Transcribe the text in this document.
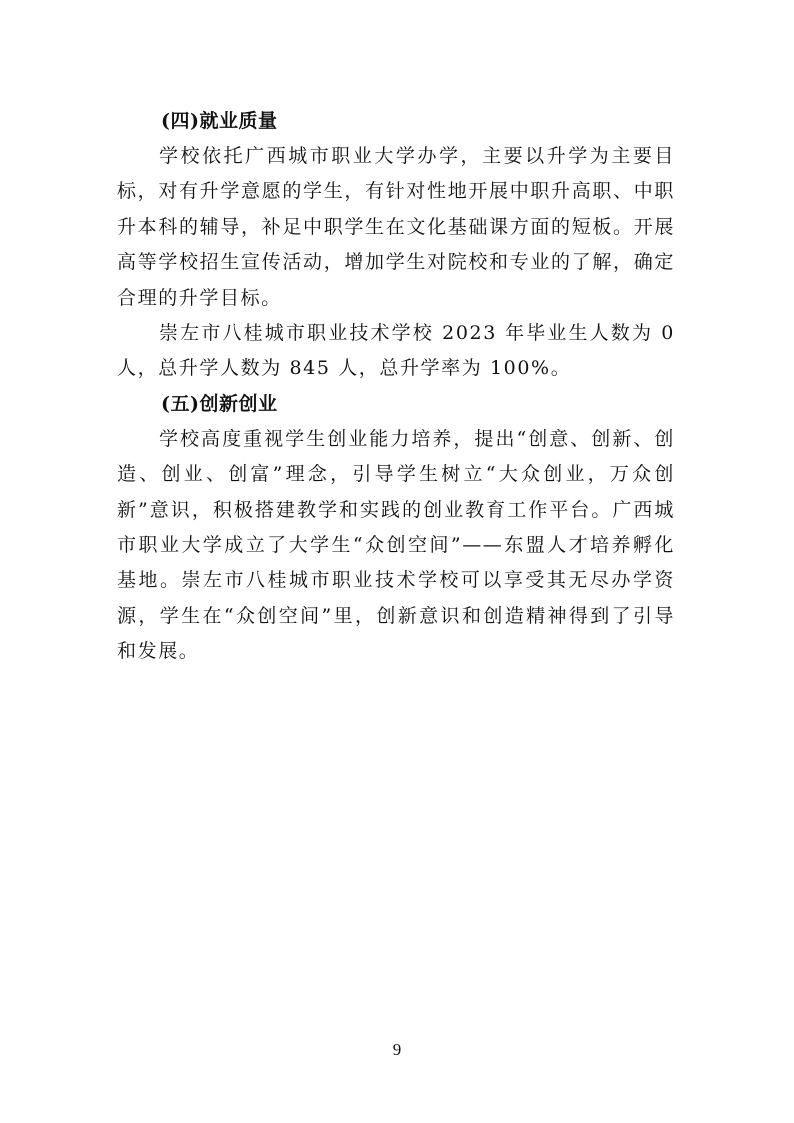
(四)就业质量

学校依托广西城市职业大学办学，主要以升学为主要目标，对有升学意愿的学生，有针对性地开展中职升高职、中职升本科的辅导，补足中职学生在文化基础课方面的短板。开展高等学校招生宣传活动，增加学生对院校和专业的了解，确定合理的升学目标。

崇左市八桂城市职业技术学校 2023 年毕业生人数为 0人，总升学人数为 845 人，总升学率为 100%。

(五)创新创业

学校高度重视学生创业能力培养，提出“创意、创新、创造、创业、创富”理念，引导学生树立“大众创业，万众创新”意识，积极搭建教学和实践的创业教育工作平台。广西城市职业大学成立了大学生“众创空间”——东盟人才培养孵化基地。崇左市八桂城市职业技术学校可以享受其无尽办学资源，学生在“众创空间”里，创新意识和创造精神得到了引导和发展。

9
